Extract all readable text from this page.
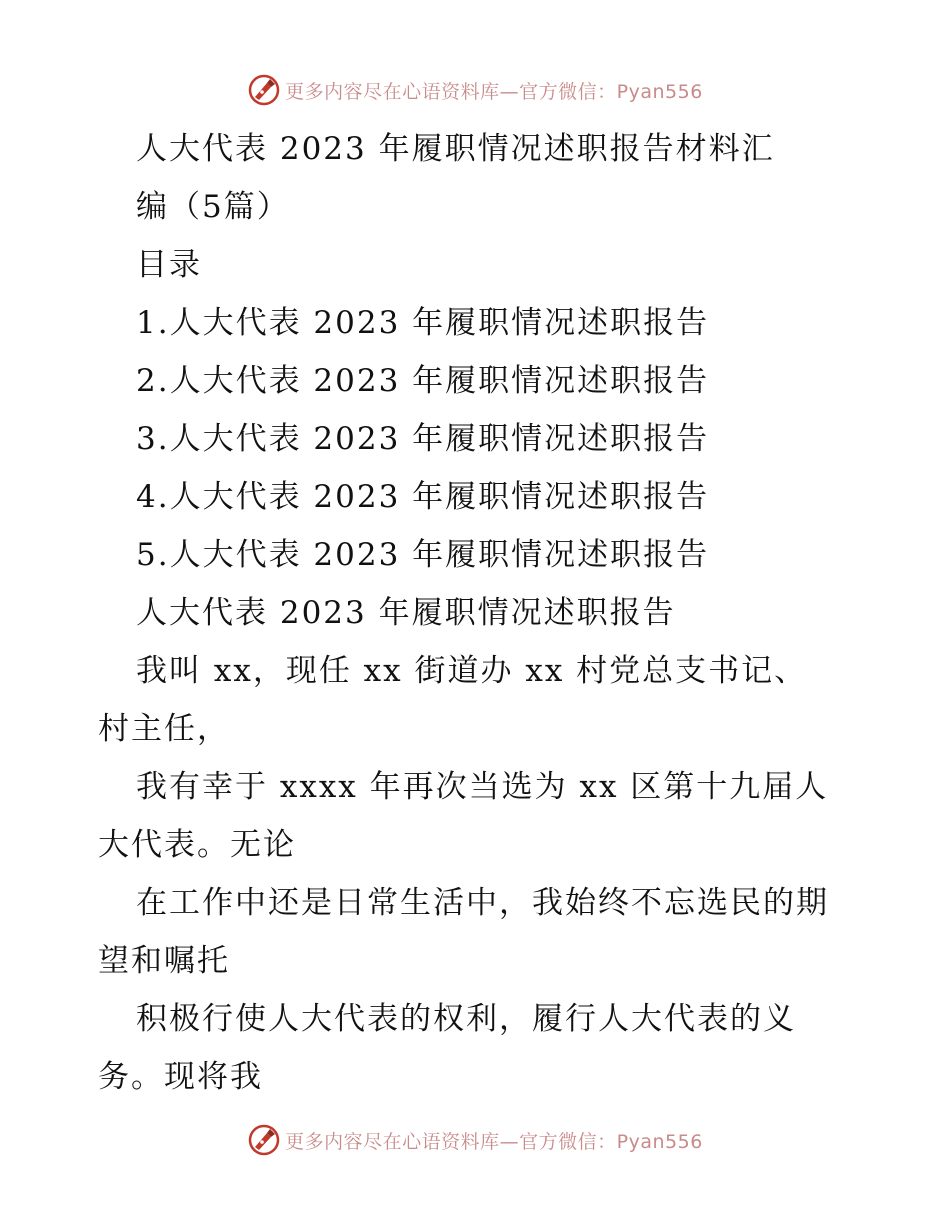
更多内容尽在心语资料库—官方微信：Pyan556
人大代表 2023 年履职情况述职报告材料汇
编（5篇）
目录
1.人大代表 2023 年履职情况述职报告
2.人大代表 2023 年履职情况述职报告
3.人大代表 2023 年履职情况述职报告
4.人大代表 2023 年履职情况述职报告
5.人大代表 2023 年履职情况述职报告
人大代表 2023 年履职情况述职报告
我叫 xx，现任 xx 街道办 xx 村党总支书记、
村主任，
我有幸于 xxxx 年再次当选为 xx 区第十九届人
大代表。无论
在工作中还是日常生活中，我始终不忘选民的期
望和嘱托
积极行使人大代表的权利，履行人大代表的义
务。现将我
更多内容尽在心语资料库—官方微信：Pyan556
